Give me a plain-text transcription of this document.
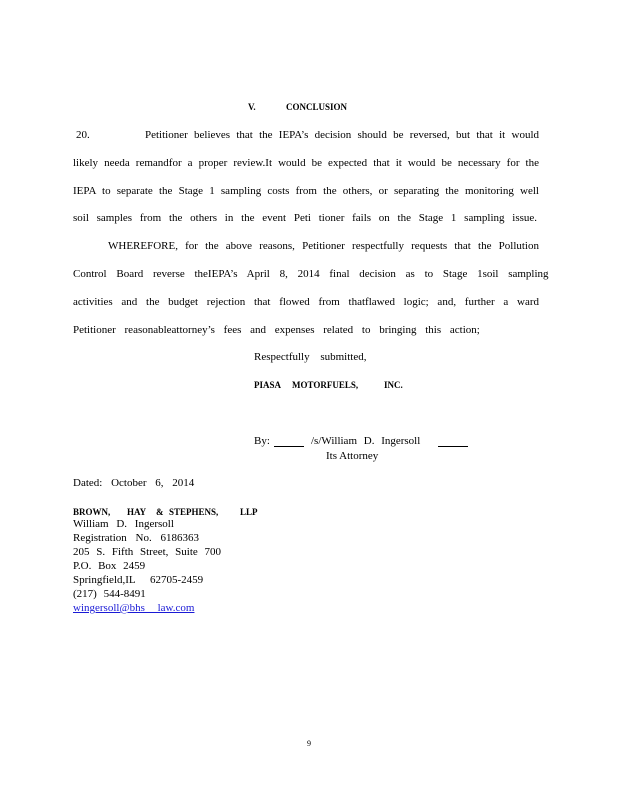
V.	CONCLUSION
20.	Petitioner believes that the IEPA’s decision should be reversed, but that it would
likely needa remandfor a proper review.It would be expected that it would be necessary for the
IEPA to separate the Stage 1 sampling costs from the others, or separating the monitoring well
soil samples from the others in the event Peti tioner fails on the Stage 1 sampling issue.
WHEREFORE, for the above reasons, Petitioner respectfully requests that the Pollution
Control Board reverse theIEPA’s April 8, 2014 final decision as to Stage 1soil sampling
activities and the budget rejection that flowed from thatflawed logic; and, further a ward
Petitioner reasonableattorney’s fees and expenses related to bringing this action;
Respectfully submitted,
PIASA MOTORFUELS,	INC.
By:	/s/William D. Ingersoll
Its Attorney
Dated: October 6, 2014
BROWN, HAY & STEPHENS, LLP
William D. Ingersoll
Registration No. 6186363
205 S. Fifth Street, Suite 700
P.O. Box 2459
Springfield,IL 62705-2459
(217) 544-8491
wingersoll@bhs law.com
9
